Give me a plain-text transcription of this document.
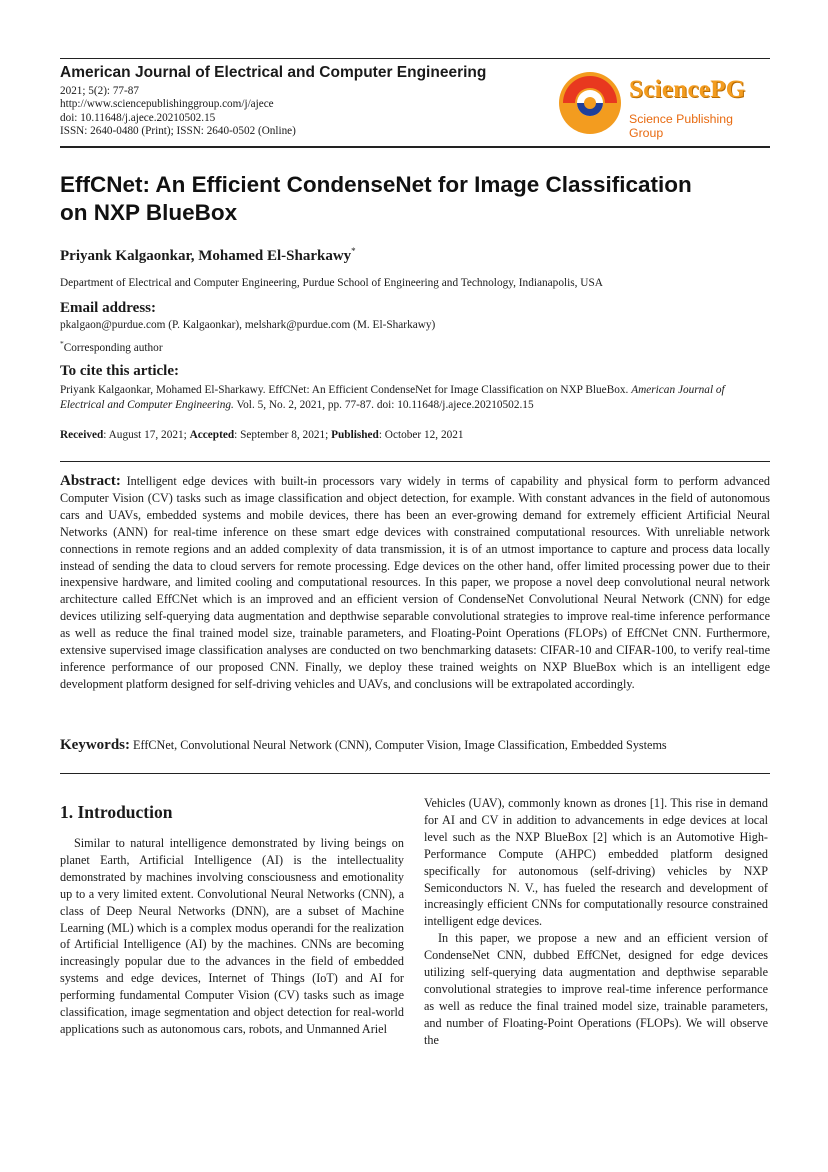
American Journal of Electrical and Computer Engineering
2021; 5(2): 77-87
http://www.sciencepublishinggroup.com/j/ajece
doi: 10.11648/j.ajece.20210502.15
ISSN: 2640-0480 (Print); ISSN: 2640-0502 (Online)
SciencePG
Science Publishing Group
EffCNet: An Efficient CondenseNet for Image Classification
on NXP BlueBox
Priyank Kalgaonkar, Mohamed El-Sharkawy*
Department of Electrical and Computer Engineering, Purdue School of Engineering and Technology, Indianapolis, USA
Email address:
pkalgaon@purdue.com (P. Kalgaonkar), melshark@purdue.com (M. El-Sharkawy)
*Corresponding author
To cite this article:
Priyank Kalgaonkar, Mohamed El-Sharkawy. EffCNet: An Efficient CondenseNet for Image Classification on NXP BlueBox. American Journal of Electrical and Computer Engineering. Vol. 5, No. 2, 2021, pp. 77-87. doi: 10.11648/j.ajece.20210502.15
Received: August 17, 2021; Accepted: September 8, 2021; Published: October 12, 2021
Abstract: Intelligent edge devices with built-in processors vary widely in terms of capability and physical form to perform advanced Computer Vision (CV) tasks such as image classification and object detection, for example. With constant advances in the field of autonomous cars and UAVs, embedded systems and mobile devices, there has been an ever-growing demand for extremely efficient Artificial Neural Networks (ANN) for real-time inference on these smart edge devices with constrained computational resources. With unreliable network connections in remote regions and an added complexity of data transmission, it is of an utmost importance to capture and process data locally instead of sending the data to cloud servers for remote processing. Edge devices on the other hand, offer limited processing power due to their inexpensive hardware, and limited cooling and computational resources. In this paper, we propose a novel deep convolutional neural network architecture called EffCNet which is an improved and an efficient version of CondenseNet Convolutional Neural Network (CNN) for edge devices utilizing self-querying data augmentation and depthwise separable convolutional strategies to improve real-time inference performance as well as reduce the final trained model size, trainable parameters, and Floating-Point Operations (FLOPs) of EffCNet CNN. Furthermore, extensive supervised image classification analyses are conducted on two benchmarking datasets: CIFAR-10 and CIFAR-100, to verify real-time inference performance of our proposed CNN. Finally, we deploy these trained weights on NXP BlueBox which is an intelligent edge development platform designed for self-driving vehicles and UAVs, and conclusions will be extrapolated accordingly.
Keywords: EffCNet, Convolutional Neural Network (CNN), Computer Vision, Image Classification, Embedded Systems
1. Introduction

Similar to natural intelligence demonstrated by living beings on planet Earth, Artificial Intelligence (AI) is the intellectuality demonstrated by machines involving consciousness and emotionality up to a very limited extent. Convolutional Neural Networks (CNN), a class of Deep Neural Networks (DNN), are a subset of Machine Learning (ML) which is a complex modus operandi for the realization of Artificial Intelligence (AI) by the machines. CNNs are becoming increasingly popular due to the advances in the field of embedded systems and edge devices, Internet of Things (IoT) and AI for performing fundamental Computer Vision (CV) tasks such as image classification, image segmentation and object detection for real-world applications such as autonomous cars, robots, and Unmanned Ariel

Vehicles (UAV), commonly known as drones [1]. This rise in demand for AI and CV in addition to advancements in edge devices at local level such as the NXP BlueBox [2] which is an Automotive High-Performance Compute (AHPC) embedded platform designed specifically for autonomous (self-driving) vehicles by NXP Semiconductors N. V., has fueled the research and development of increasingly efficient CNNs for computationally resource constrained intelligent edge devices.

In this paper, we propose a new and an efficient version of CondenseNet CNN, dubbed EffCNet, designed for edge devices utilizing self-querying data augmentation and depthwise separable convolutional strategies to improve real-time inference performance as well as reduce the final trained model size, trainable parameters, and number of Floating-Point Operations (FLOPs). We will observe the
